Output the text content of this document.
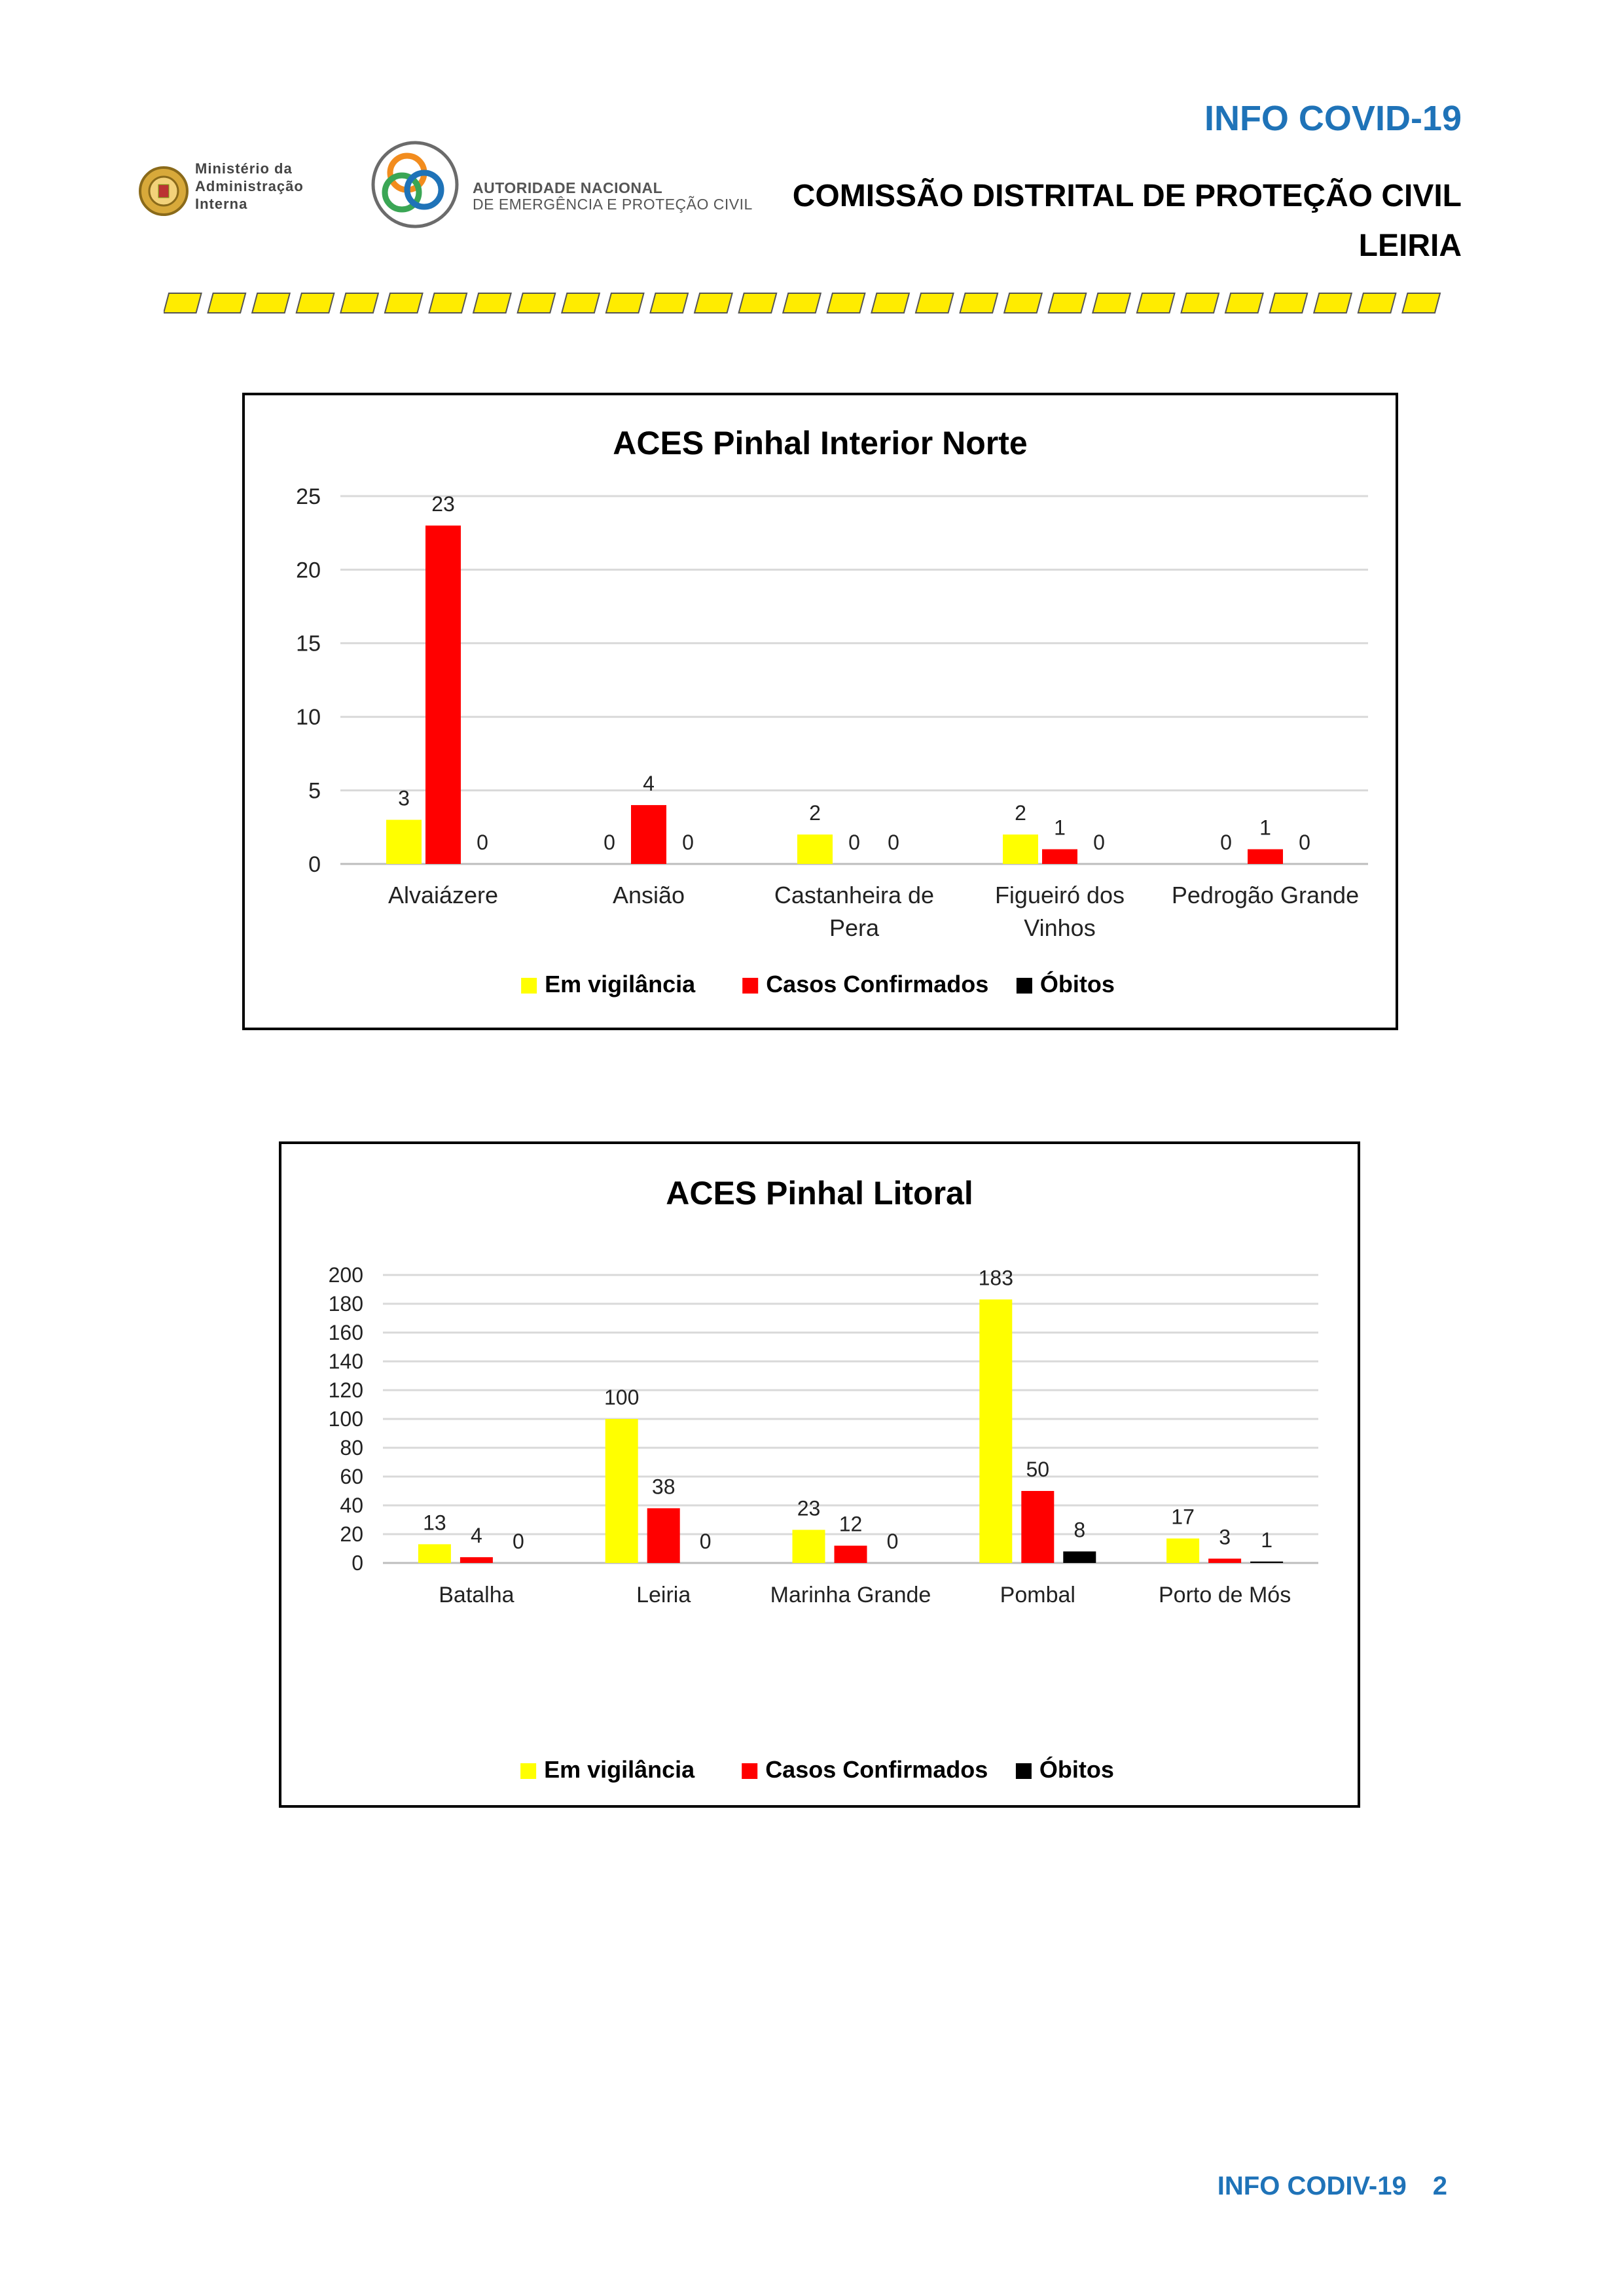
INFO COVID-19
COMISSÃO DISTRITAL DE PROTEÇÃO CIVIL
LEIRIA
Ministério da
Administração
Interna
AUTORIDADE NACIONAL
DE EMERGÊNCIA E PROTEÇÃO CIVIL
ACES Pinhal Interior Norte
0
5
10
15
20
25
3
23
0
Alvaiázere
0
4
0
Ansião
2
0 0
Castanheira de
Pera
2
1
0
Figueiró dos
Vinhos
0
1
0
Pedrogão Grande
Em vigilância	Casos Confirmados Óbitos
ACES Pinhal Litoral
0
20
40
60
80
100
120
140
160
180
200
13
4 0
Batalha
100
38
0
Leiria
23
12
0
Marinha Grande
183
50
8
Pombal
17
3 1
Porto de Mós
Em vigilância	Casos Confirmados Óbitos
INFO CODIV-19 2
